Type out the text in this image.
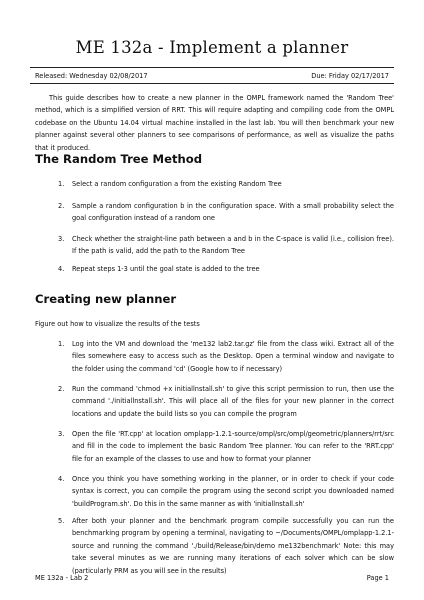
ME 132a - Implement a planner
Released: Wednesday 02/08/2017	Due: Friday 02/17/2017
This guide describes how to create a new planner in the OMPL framework named the 'Random Tree' method, which is a simplified version of RRT. This will require adapting and compiling code from the OMPL codebase on the Ubuntu 14.04 virtual machine installed in the last lab. You will then benchmark your new planner against several other planners to see comparisons of performance, as well as visualize the paths that it produced.
The Random Tree Method
1. Select a random configuration a from the existing Random Tree
2. Sample a random configuration b in the configuration space. With a small probability select the goal configuration instead of a random one
3. Check whether the straight-line path between a and b in the C-space is valid (i.e., collision free). If the path is valid, add the path to the Random Tree
4. Repeat steps 1-3 until the goal state is added to the tree
Creating new planner
Figure out how to visualize the results of the tests
1. Log into the VM and download the 'me132 lab2.tar.gz' file from the class wiki. Extract all of the files somewhere easy to access such as the Desktop. Open a terminal window and navigate to the folder using the command 'cd' (Google how to if necessary)
2. Run the command 'chmod +x initiallnstall.sh' to give this script permission to run, then use the command './initiallnstall.sh'. This will place all of the files for your new planner in the correct locations and update the build lists so you can compile the program
3. Open the file 'RT.cpp' at location omplapp-1.2.1-source/ompl/src/ompl/geometric/planners/rrt/src and fill in the code to implement the basic Random Tree planner. You can refer to the 'RRT.cpp' file for an example of the classes to use and how to format your planner
4. Once you think you have something working in the planner, or in order to check if your code syntax is correct, you can compile the program using the second script you downloaded named 'buildProgram.sh'. Do this in the same manner as with 'initiallnstall.sh'
5. After both your planner and the benchmark program compile successfully you can run the benchmarking program by opening a terminal, navigating to ~/Documents/OMPL/omplapp-1.2.1-source and running the command './build/Release/bin/demo me132benchmark' Note: this may take several minutes as we are running many iterations of each solver which can be slow (particularly PRM as you will see in the results)
ME 132a - Lab 2	Page 1
